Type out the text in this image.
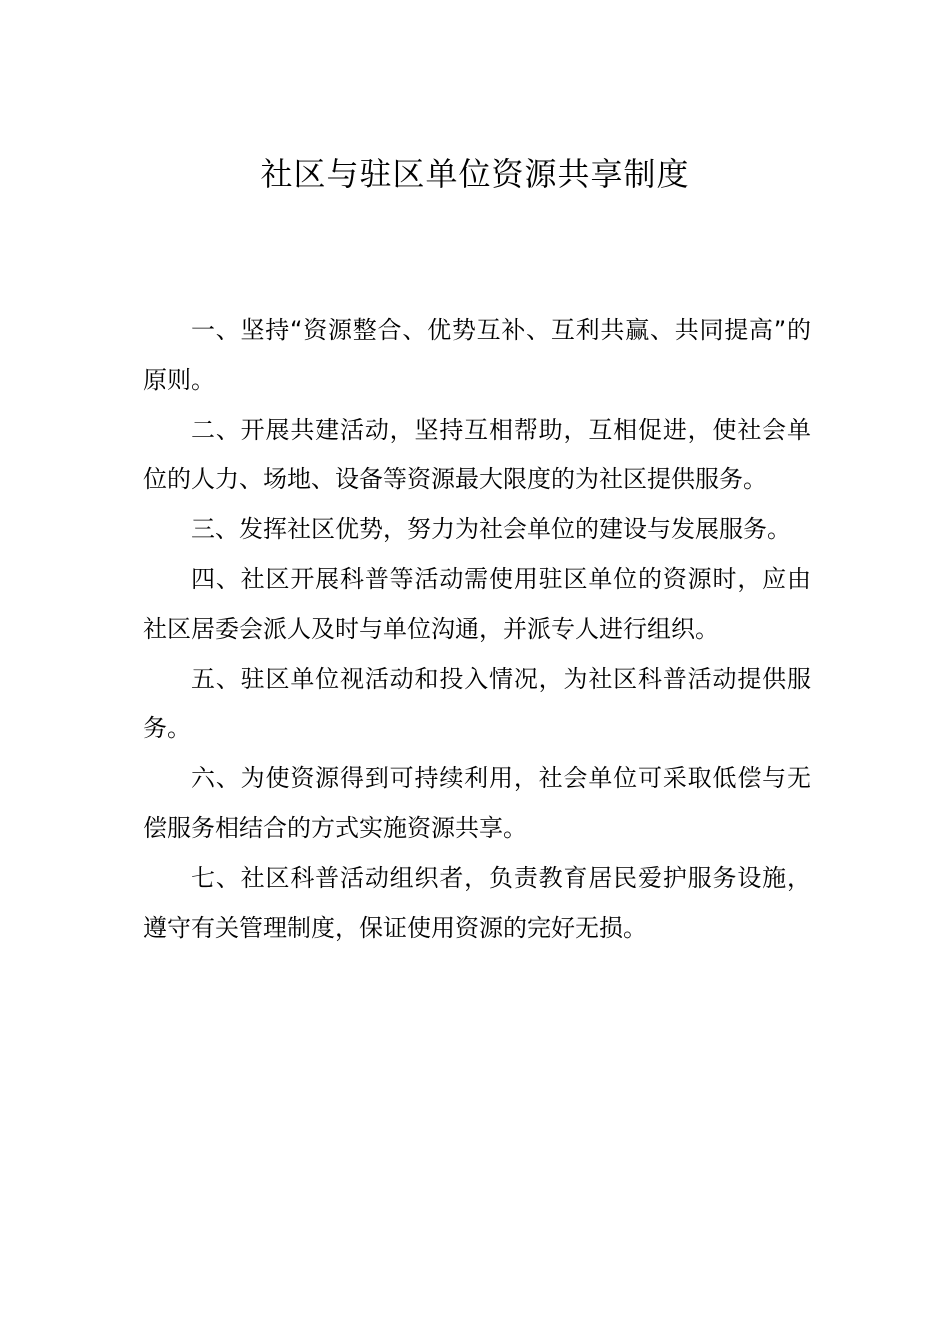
社区与驻区单位资源共享制度

一、坚持“资源整合、优势互补、互利共赢、共同提高”的原则。

二、开展共建活动，坚持互相帮助，互相促进，使社会单位的人力、场地、设备等资源最大限度的为社区提供服务。

三、发挥社区优势，努力为社会单位的建设与发展服务。

四、社区开展科普等活动需使用驻区单位的资源时，应由社区居委会派人及时与单位沟通，并派专人进行组织。

五、驻区单位视活动和投入情况，为社区科普活动提供服务。

六、为使资源得到可持续利用，社会单位可采取低偿与无偿服务相结合的方式实施资源共享。

七、社区科普活动组织者，负责教育居民爱护服务设施，遵守有关管理制度，保证使用资源的完好无损。
